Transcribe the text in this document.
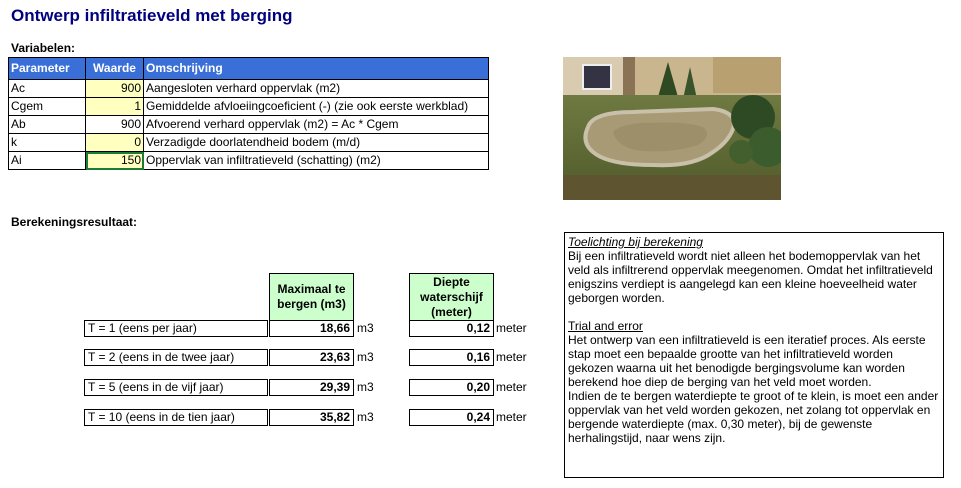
Ontwerp infiltratieveld met berging
Variabelen:
Parameter	Waarde	Omschrijving
Ac	900	Aangesloten verhard oppervlak (m2)
Cgem	1	Gemiddelde afvloeiingcoeficient (-) (zie ook eerste werkblad)
Ab	900	Afvoerend verhard oppervlak (m2) = Ac * Cgem
k	0	Verzadigde doorlatendheid bodem (m/d)
Ai	150	Oppervlak van infiltratieveld (schatting) (m2)
Berekeningsresultaat:
Maximaal te bergen (m3)
Diepte waterschijf (meter)
T = 1 (eens per jaar)	18,66 m3	0,12 meter
T = 2 (eens in de twee jaar)	23,63 m3	0,16 meter
T = 5 (eens in de vijf jaar)	29,39 m3	0,20 meter
T = 10 (eens in de tien jaar)	35,82 m3	0,24 meter

Toelichting bij berekening

Bij een infiltratieveld wordt niet alleen het bodemoppervlak van het veld als infiltrerend oppervlak meegenomen. Omdat het infiltratieveld enigszins verdiept is aangelegd kan een kleine hoeveelheid water geborgen worden.

Trial and error

Het ontwerp van een infiltratieveld is een iteratief proces. Als eerste stap moet een bepaalde grootte van het infiltratieveld worden gekozen waarna uit het benodigde bergingsvolume kan worden berekend hoe diep de berging van het veld moet worden.

Indien de te bergen waterdiepte te groot of te klein, is moet een ander oppervlak van het veld worden gekozen, net zolang tot oppervlak en bergende waterdiepte (max. 0,30 meter), bij de gewenste herhalingstijd, naar wens zijn.
